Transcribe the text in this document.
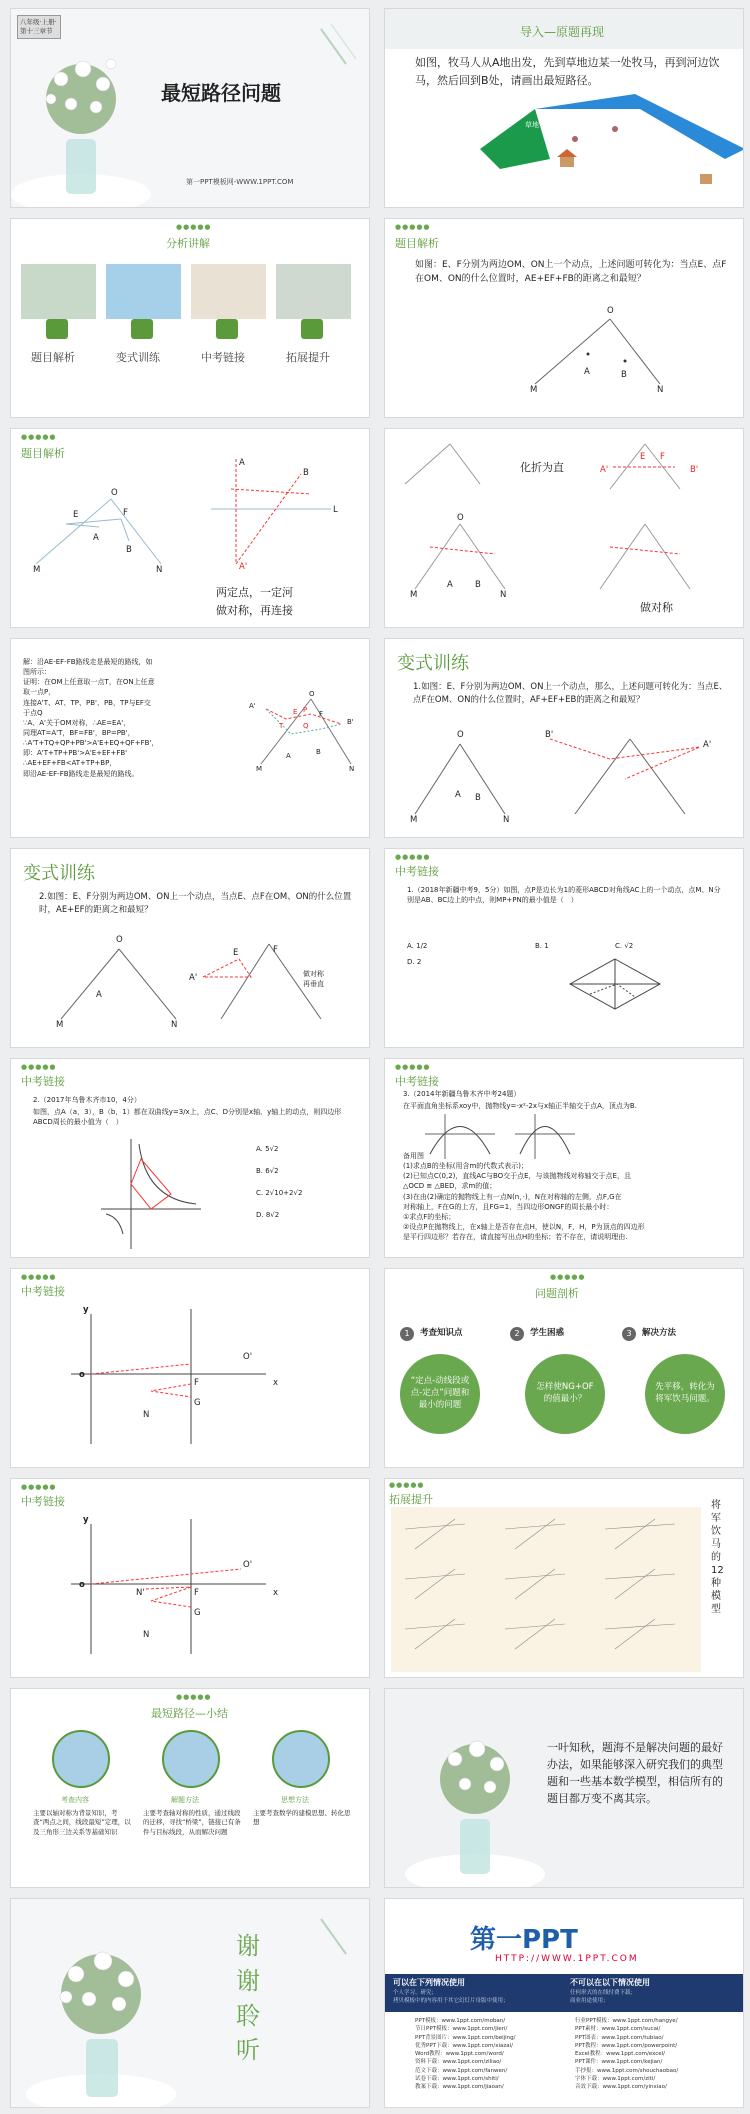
八年级·上册·
第十三章节
最短路径问题
第一PPT模板网-WWW.1PPT.COM
导入—原题再现
如图，牧马人从A地出发，先到草地边某一处牧马，再到河边饮马，然后回到B处，请画出最短路径。
草地
●●●●●
分析讲解
题目解析	变式训练	中考链接	拓展提升
●●●●●
题目解析
如图：E、F分别为两边OM、ON上一个动点，上述问题可转化为：当点E、点F在OM、ON的什么位置时，AE+EF+FB的距离之和最短？
O
A	B
M	N
●●●●●
题目解析
O
E	F
A
B
M	N
A
B
L
A'
两定点，一定河
做对称，再连接
化折为直	A'
E F
B'
O
M	N
A	B
做对称
解：沿AE-EF-FB路线走是最短的路线，如
图所示：
证明：在OM上任意取一点T，在ON上任意
取一点P，
连接A'T、AT、TP、PB'、PB，TP与EF交
于点Q
∵A、A'关于OM对称，∴AE=EA'，
同理AT=A'T，BF=FB'，BP=PB'，
∴A'T+TQ+QP+PB'>A'E+EQ+QF+FB'，
即：A'T+TP+PB'>A'E+EF+FB'
∴AE+EF+FB<AT+TP+BP，
即沿AE-EF-FB路线走是最短的路线。
A'
T
E P
Q
F
O
B'
M	N
A	B
变式训练
1.如图：E、F分别为两边OM、ON上一个动点，那么，上述问题可转化为：当点E、点F在OM、ON的什么位置时，AF+EF+EB的距离之和最短？
O
A B
M	N
B'
A'
变式训练
2.如图：E、F分别为两边OM、ON上一个动点，当点E、点F在OM、ON的什么位置时，AE+EF的距离之和最短？
O
A
M	N
A'
E	F
做对称
再垂直
●●●●●
中考链接
1.（2018年新疆中考9，5分）如图，点P是边长为1的菱形ABCD对角线AC上的一个动点，点M、N分别是AB、BC边上的中点，则MP+PN的最小值是（　）
A. 1/2	B. 1	C. √2
D. 2
●●●●●
中考链接
2.（2017年乌鲁木齐市10，4分）
如图，点A（a，3），B（b，1）都在双曲线y=3/x上，点C、D分别是x轴、y轴上的动点，则四边形ABCD周长的最小值为（　）
A. 5√2
B. 6√2
C. 2√10+2√2
D. 8√2
●●●●●
中考链接
3.（2014年新疆乌鲁木齐中考24题）
在平面直角坐标系xoy中，抛物线y=-x²-2x与x轴正半轴交于点A，顶点为B.
备用图
(1)求点B的坐标(用含m的代数式表示)；
(2)已知点C(0,2)，直线AC与BO交于点E，与该抛物线对称轴交于点E，且
△OCD ≌ △BED，求m的值；
(3)在由(2)确定的抛物线上有一点N(n，·)，N在对称轴的左侧，点F,G在
对称轴上，F在G的上方，且FG=1，当四边形ONGF的周长最小时：
①求点F的坐标；
②设点P在抛物线上，在x轴上是否存在点H，使以N，F，H，P为顶点的四边形
是平行四边形？若存在，请直接写出点H的坐标；若不存在，请说明理由.
●●●●●
中考链接
y
O'
o
F	x
G
N
●●●●●
问题剖析
1	考查知识点	2	学生困惑	3	解决方法
“定点-动线段或点-定点”问题和最小的问题
怎样使NG+OF的值最小？
先平移，转化为将军饮马问题。
●●●●●
中考链接
y
O'
o
N'	F	x
G
N
●●●●●
拓展提升	将军饮马的12种模型
●●●●●
最短路径—小结
考查内容	解题方法	思想方法
主要以轴对称为背景知识，考查“两点之间，线段最短”定理，以及三角形三边关系等基础知识
主要考查轴对称的性质，通过线段的迁移，寻找“桥梁”，链接已有条件与目标线段，从而解决问题
主要考查数学的建模思想、转化思想
一叶知秋，题海不是解决问题的最好办法，如果能够深入研究我们的典型题和一些基本数学模型，相信所有的题目都万变不离其宗。
谢谢聆听
第一PPT
HTTP://WWW.1PPT.COM
可以在下列情况使用
个人学习、研究；
拷贝模板中的内容用于其它幻灯片母版中使用；
不可以在以下情况使用
任何形式的在线付费下载；
商业用途使用；
PPT模板：www.1ppt.com/moban/
节日PPT模板：www.1ppt.com/jieri/
PPT背景图片：www.1ppt.com/beijing/
优秀PPT下载：www.1ppt.com/xiazai/
Word教程：www.1ppt.com/word/
资料下载：www.1ppt.com/ziliao/
范文下载：www.1ppt.com/fanwen/
试卷下载：www.1ppt.com/shiti/
教案下载：www.1ppt.com/jiaoan/
行业PPT模板：www.1ppt.com/hangye/
PPT素材：www.1ppt.com/sucai/
PPT图表：www.1ppt.com/tubiao/
PPT教程：www.1ppt.com/powerpoint/
Excel教程：www.1ppt.com/excel/
PPT课件：www.1ppt.com/kejian/
手抄报：www.1ppt.com/shouchaobao/
字体下载：www.1ppt.com/ziti/
音效下载：www.1ppt.com/yinxiao/
